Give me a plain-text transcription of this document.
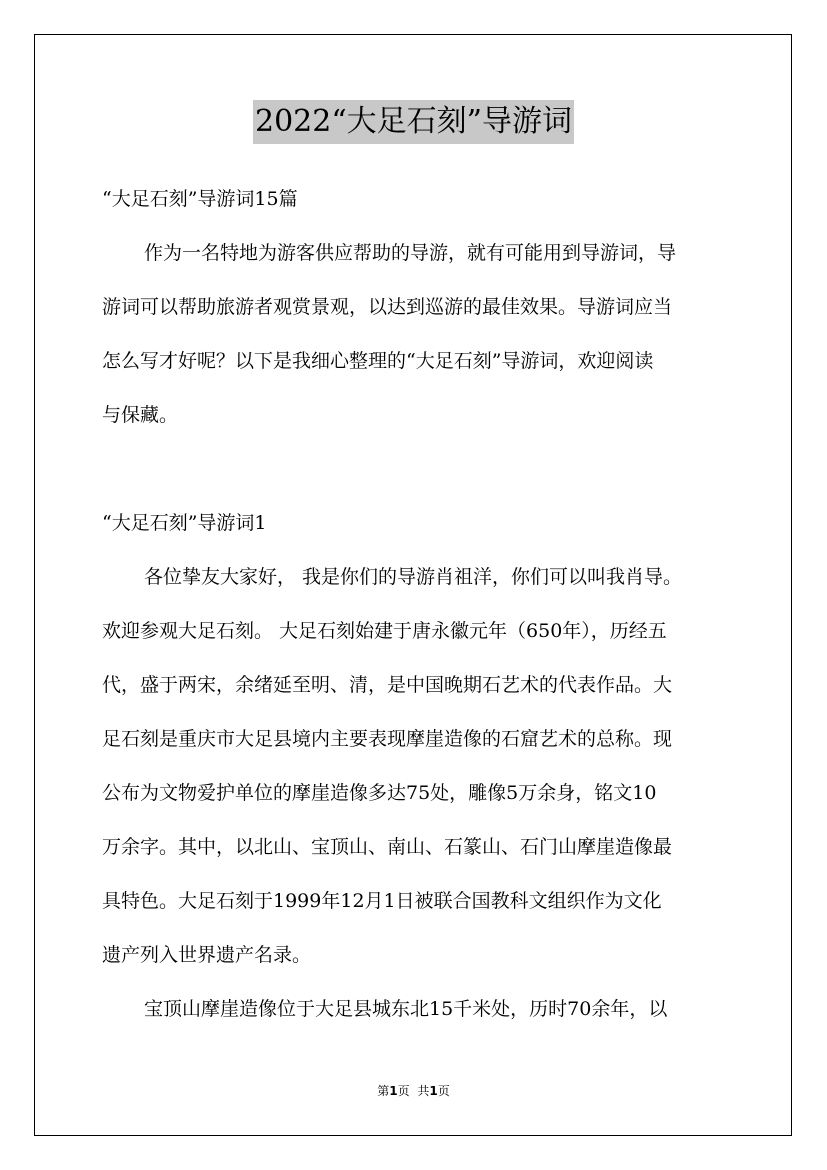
2022“大足石刻”导游词
“大足石刻”导游词15篇
作为一名特地为游客供应帮助的导游，就有可能用到导游词，导
游词可以帮助旅游者观赏景观，以达到巡游的最佳效果。导游词应当
怎么写才好呢？以下是我细心整理的“大足石刻”导游词，欢迎阅读
与保藏。
“大足石刻”导游词1
各位挚友大家好， 我是你们的导游肖祖洋，你们可以叫我肖导。
欢迎参观大足石刻。 大足石刻始建于唐永徽元年（650年），历经五
代，盛于两宋，余绪延至明、清，是中国晚期石艺术的代表作品。大
足石刻是重庆市大足县境内主要表现摩崖造像的石窟艺术的总称。现
公布为文物爱护单位的摩崖造像多达75处，雕像5万余身，铭文10
万余字。其中，以北山、宝顶山、南山、石篆山、石门山摩崖造像最
具特色。大足石刻于1999年12月1日被联合国教科文组织作为文化
遗产列入世界遗产名录。
宝顶山摩崖造像位于大足县城东北15千米处，历时70余年，以
第1页 共1页
